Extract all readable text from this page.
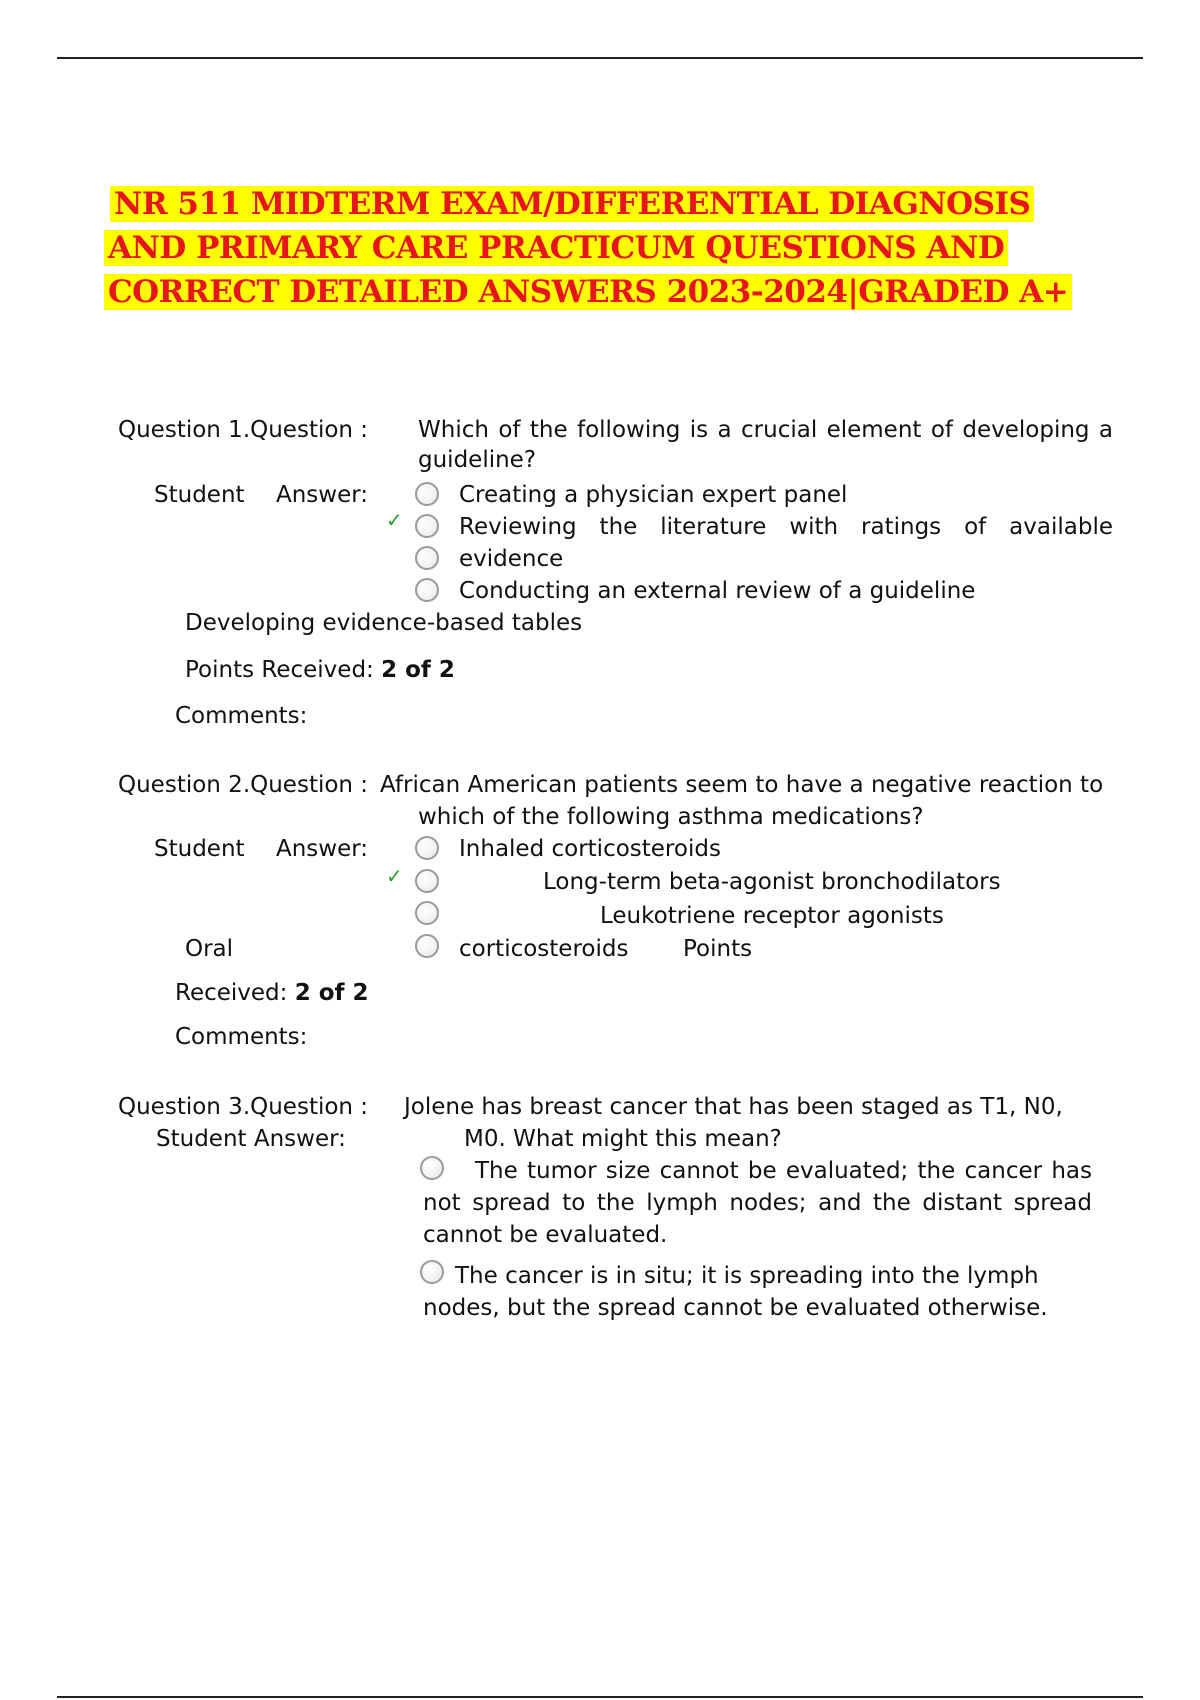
NR 511 MIDTERM EXAM/DIFFERENTIAL DIAGNOSIS
AND PRIMARY CARE PRACTICUM QUESTIONS AND
CORRECT DETAILED ANSWERS 2023-2024|GRADED A+
Question 1.Question : Which of the following is a crucial element of developing a
guideline?
Student Answer:	Creating a physician expert panel
✓ Reviewing the literature with ratings of available
evidence
Conducting an external review of a guideline
Developing evidence-based tables
Points Received: 2 of 2
Comments:
Question 2.Question : African American patients seem to have a negative reaction to
which of the following asthma medications?
Student Answer:	Inhaled corticosteroids
✓	Long-term beta-agonist bronchodilators
Leukotriene receptor agonists
Oral	corticosteroids Points
Received: 2 of 2
Comments:
Question 3.Question : Jolene has breast cancer that has been staged as T1, N0,
Student Answer:	M0. What might this mean?
The tumor size cannot be evaluated; the cancer has
not spread to the lymph nodes; and the distant spread
cannot be evaluated.
The cancer is in situ; it is spreading into the lymph
nodes, but the spread cannot be evaluated otherwise.
